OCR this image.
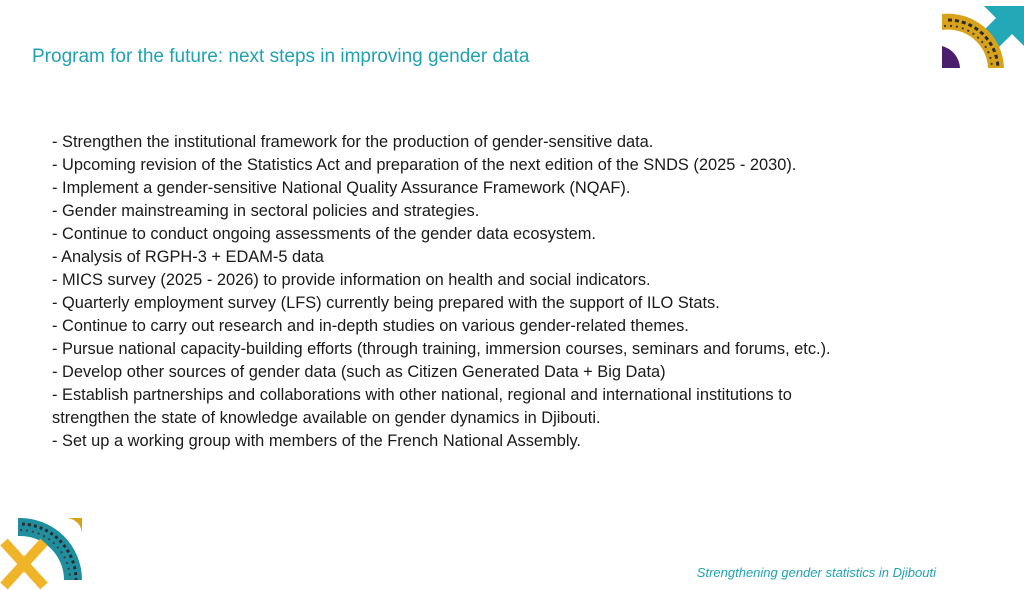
Program for the future: next steps in improving gender data
- Strengthen the institutional framework for the production of gender-sensitive data.
- Upcoming revision of the Statistics Act and preparation of the next edition of the SNDS (2025 - 2030).
- Implement a gender-sensitive National Quality Assurance Framework (NQAF).
- Gender mainstreaming in sectoral policies and strategies.
- Continue to conduct ongoing assessments of the gender data ecosystem.
- Analysis of RGPH-3 + EDAM-5 data
- MICS survey (2025 - 2026) to provide information on health and social indicators.
- Quarterly employment survey (LFS) currently being prepared with the support of ILO Stats.
- Continue to carry out research and in-depth studies on various gender-related themes.
- Pursue national capacity-building efforts (through training, immersion courses, seminars and forums, etc.).
- Develop other sources of gender data (such as Citizen Generated Data + Big Data)
- Establish partnerships and collaborations with other national, regional and international institutions to
strengthen the state of knowledge available on gender dynamics in Djibouti.
- Set up a working group with members of the French National Assembly.
Strengthening gender statistics in Djibouti
